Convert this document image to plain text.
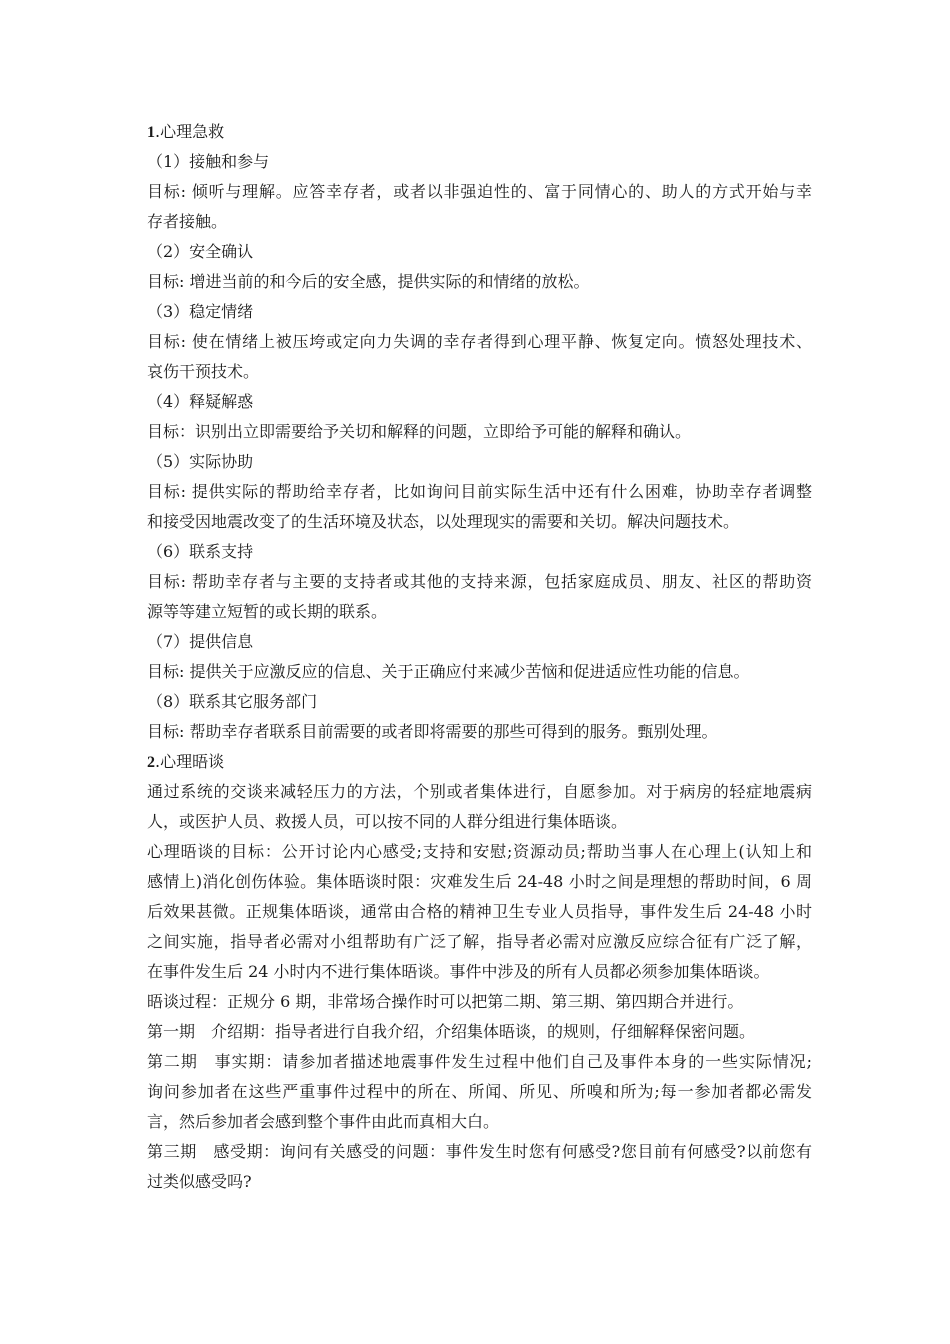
1.心理急救
（1）接触和参与
目标: 倾听与理解。应答幸存者，或者以非强迫性的、富于同情心的、助人的方式开始与幸
存者接触。
（2）安全确认
目标: 增进当前的和今后的安全感，提供实际的和情绪的放松。
（3）稳定情绪
目标: 使在情绪上被压垮或定向力失调的幸存者得到心理平静、恢复定向。愤怒处理技术、
哀伤干预技术。
（4）释疑解惑
目标：识别出立即需要给予关切和解释的问题，立即给予可能的解释和确认。
（5）实际协助
目标: 提供实际的帮助给幸存者，比如询问目前实际生活中还有什么困难，协助幸存者调整
和接受因地震改变了的生活环境及状态，以处理现实的需要和关切。解决问题技术。
（6）联系支持
目标: 帮助幸存者与主要的支持者或其他的支持来源，包括家庭成员、朋友、社区的帮助资
源等等建立短暂的或长期的联系。
（7）提供信息
目标: 提供关于应激反应的信息、关于正确应付来减少苦恼和促进适应性功能的信息。
（8）联系其它服务部门
目标: 帮助幸存者联系目前需要的或者即将需要的那些可得到的服务。甄别处理。
2.心理晤谈
通过系统的交谈来减轻压力的方法，个别或者集体进行，自愿参加。对于病房的轻症地震病
人，或医护人员、救援人员，可以按不同的人群分组进行集体晤谈。
心理晤谈的目标：公开讨论内心感受;支持和安慰;资源动员;帮助当事人在心理上(认知上和
感情上)消化创伤体验。集体晤谈时限：灾难发生后 24-48 小时之间是理想的帮助时间，6 周
后效果甚微。正规集体晤谈，通常由合格的精神卫生专业人员指导，事件发生后 24-48 小时
之间实施，指导者必需对小组帮助有广泛了解，指导者必需对应激反应综合征有广泛了解，
在事件发生后 24 小时内不进行集体晤谈。事件中涉及的所有人员都必须参加集体晤谈。
晤谈过程：正规分 6 期，非常场合操作时可以把第二期、第三期、第四期合并进行。
第一期　介绍期：指导者进行自我介绍，介绍集体晤谈，的规则，仔细解释保密问题。
第二期　事实期：请参加者描述地震事件发生过程中他们自己及事件本身的一些实际情况;
询问参加者在这些严重事件过程中的所在、所闻、所见、所嗅和所为;每一参加者都必需发
言，然后参加者会感到整个事件由此而真相大白。
第三期　感受期：询问有关感受的问题：事件发生时您有何感受?您目前有何感受?以前您有
过类似感受吗?
